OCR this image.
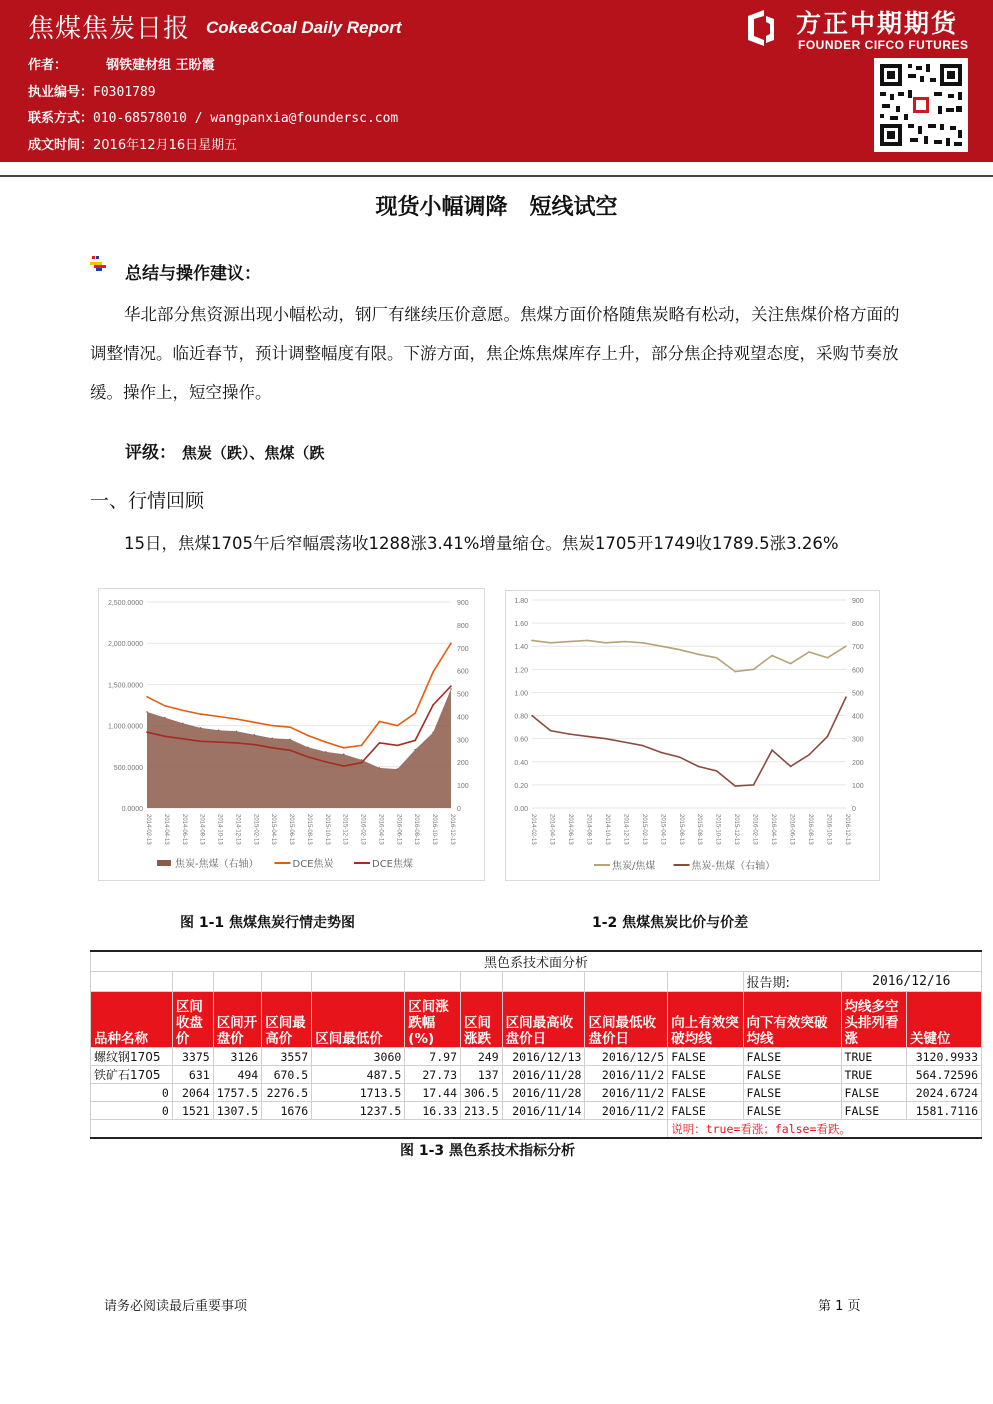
焦煤焦炭日报 Coke&Coal Daily Report	方正中期期货
FOUNDER CIFCO FUTURES
作者：	钢铁建材组 王盼霞
执业编号：F0301789
联系方式：010-68578010 / wangpanxia@foundersc.com
成文时间：2016年12月16日星期五
现货小幅调降　短线试空
总结与操作建议：
华北部分焦资源出现小幅松动，钢厂有继续压价意愿。焦煤方面价格随焦炭略有松动，关注焦煤价格方面的调整情况。临近春节，预计调整幅度有限。下游方面，焦企炼焦煤库存上升，部分焦企持观望态度，采购节奏放缓。操作上，短空操作。
评级： 焦炭（跌）、焦煤（跌
一、行情回顾
15日，焦煤1705午后窄幅震荡收1288涨3.41%增量缩仓。焦炭1705开1749收1789.5涨3.26%
0.0000
500.0000
1,000.0000
1,500.0000
2,000.0000
2,500.0000
0
100
200
300
400
500
600
700
800
900
2014-02-13 2014-04-13 2014-06-13 2014-08-13 2014-10-13 2014-12-13 2015-02-13 2015-04-13 2015-06-13 2015-08-13 2015-10-13 2015-12-13 2016-02-13 2016-04-13 2016-06-13 2016-08-13 2016-10-13 2016-12-13
焦炭-焦煤（右轴）	DCE焦炭	DCE焦煤
0.00
0.20
0.40
0.60
0.80
1.00
1.20
1.40
1.60
1.80
0
100
200
300
400
500
600
700
800
900
2014-02-13 2014-04-13 2014-06-13 2014-08-13 2014-10-13 2014-12-13 2015-02-13 2015-04-13 2015-06-13 2015-08-13 2015-10-13 2015-12-13 2016-02-13 2016-04-13 2016-06-13 2016-08-13 2016-10-13 2016-12-13
焦炭/焦煤	焦炭-焦煤（右轴）
图 1-1 焦煤焦炭行情走势图	1-2 焦煤焦炭比价与价差
黑色系技术面分析												
										报告期:	2016/12/16	
品种名称	区间收盘价	区间开盘价	区间最高价	区间最低价	区间涨跌幅(%)	区间涨跌	区间最高收盘价日	区间最低收盘价日	向上有效突破均线	向下有效突破均线	均线多空头排列看涨	关键位
螺纹钢1705	3375	3126	3557	3060	7.97	249	2016/12/13	2016/12/5	FALSE	FALSE	TRUE	3120.9933
铁矿石1705	631	494	670.5	487.5	27.73	137	2016/11/28	2016/11/2	FALSE	FALSE	TRUE	564.72596
0	2064	1757.5	2276.5	1713.5	17.44	306.5	2016/11/28	2016/11/2	FALSE	FALSE	FALSE	2024.6724
0	1521	1307.5	1676	1237.5	16.33	213.5	2016/11/14	2016/11/2	FALSE	FALSE	FALSE	1581.7116
									说明：true=看涨；false=看跌。			
图 1-3 黑色系技术指标分析
请务必阅读最后重要事项	第 1 页
